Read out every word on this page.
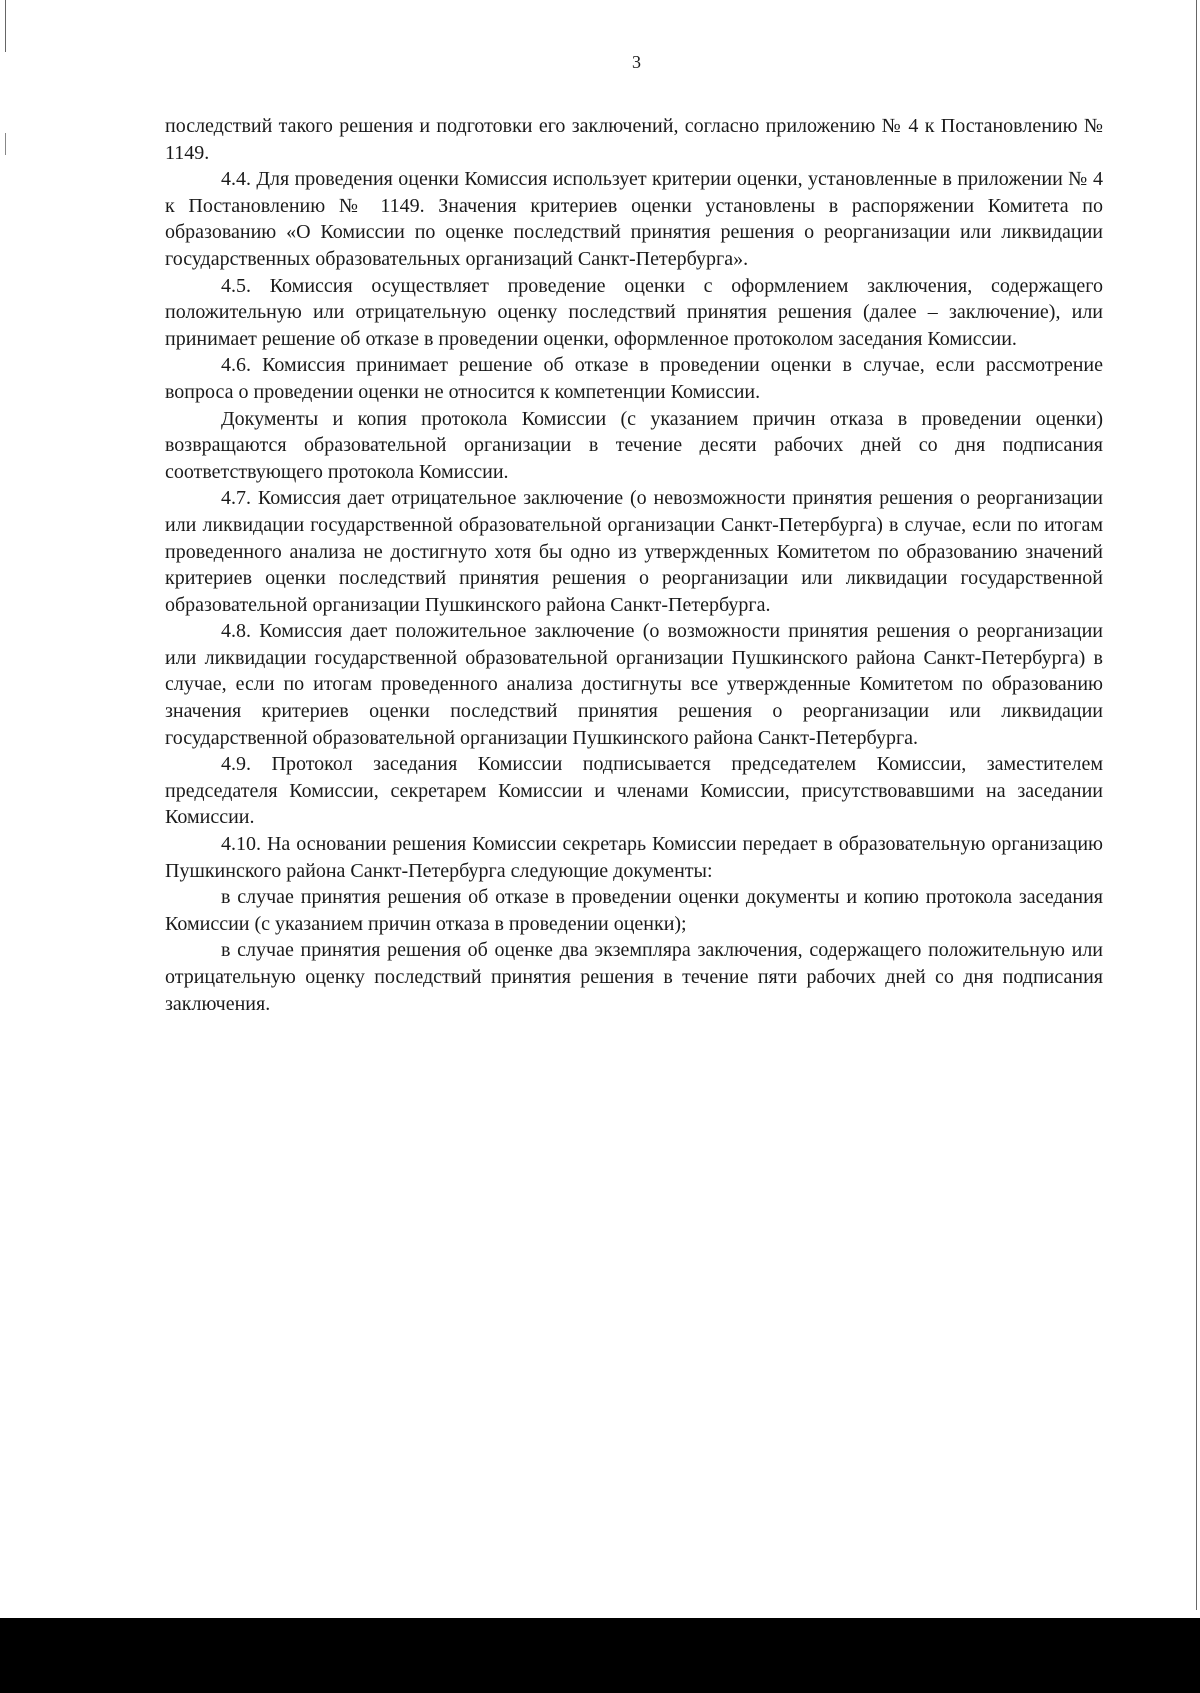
3

последствий такого решения и подготовки его заключений, согласно приложению № 4 к Постановлению № 1149.

4.4. Для проведения оценки Комиссия использует критерии оценки, установленные в приложении № 4 к Постановлению № 1149. Значения критериев оценки установлены в распоряжении Комитета по образованию «О Комиссии по оценке последствий принятия решения о реорганизации или ликвидации государственных образовательных организаций Санкт-Петербурга».

4.5. Комиссия осуществляет проведение оценки с оформлением заключения, содержащего положительную или отрицательную оценку последствий принятия решения (далее – заключение), или принимает решение об отказе в проведении оценки, оформленное протоколом заседания Комиссии.

4.6. Комиссия принимает решение об отказе в проведении оценки в случае, если рассмотрение вопроса о проведении оценки не относится к компетенции Комиссии.

Документы и копия протокола Комиссии (с указанием причин отказа в проведении оценки) возвращаются образовательной организации в течение десяти рабочих дней со дня подписания соответствующего протокола Комиссии.

4.7. Комиссия дает отрицательное заключение (о невозможности принятия решения о реорганизации или ликвидации государственной образовательной организации Санкт-Петербурга) в случае, если по итогам проведенного анализа не достигнуто хотя бы одно из утвержденных Комитетом по образованию значений критериев оценки последствий принятия решения о реорганизации или ликвидации государственной образовательной организации Пушкинского района Санкт-Петербурга.

4.8. Комиссия дает положительное заключение (о возможности принятия решения о реорганизации или ликвидации государственной образовательной организации Пушкинского района Санкт-Петербурга) в случае, если по итогам проведенного анализа достигнуты все утвержденные Комитетом по образованию значения критериев оценки последствий принятия решения о реорганизации или ликвидации государственной образовательной организации Пушкинского района Санкт-Петербурга.

4.9. Протокол заседания Комиссии подписывается председателем Комиссии, заместителем председателя Комиссии, секретарем Комиссии и членами Комиссии, присутствовавшими на заседании Комиссии.

4.10. На основании решения Комиссии секретарь Комиссии передает в образовательную организацию Пушкинского района Санкт-Петербурга следующие документы:

в случае принятия решения об отказе в проведении оценки документы и копию протокола заседания Комиссии (с указанием причин отказа в проведении оценки);

в случае принятия решения об оценке два экземпляра заключения, содержащего положительную или отрицательную оценку последствий принятия решения в течение пяти рабочих дней со дня подписания заключения.
